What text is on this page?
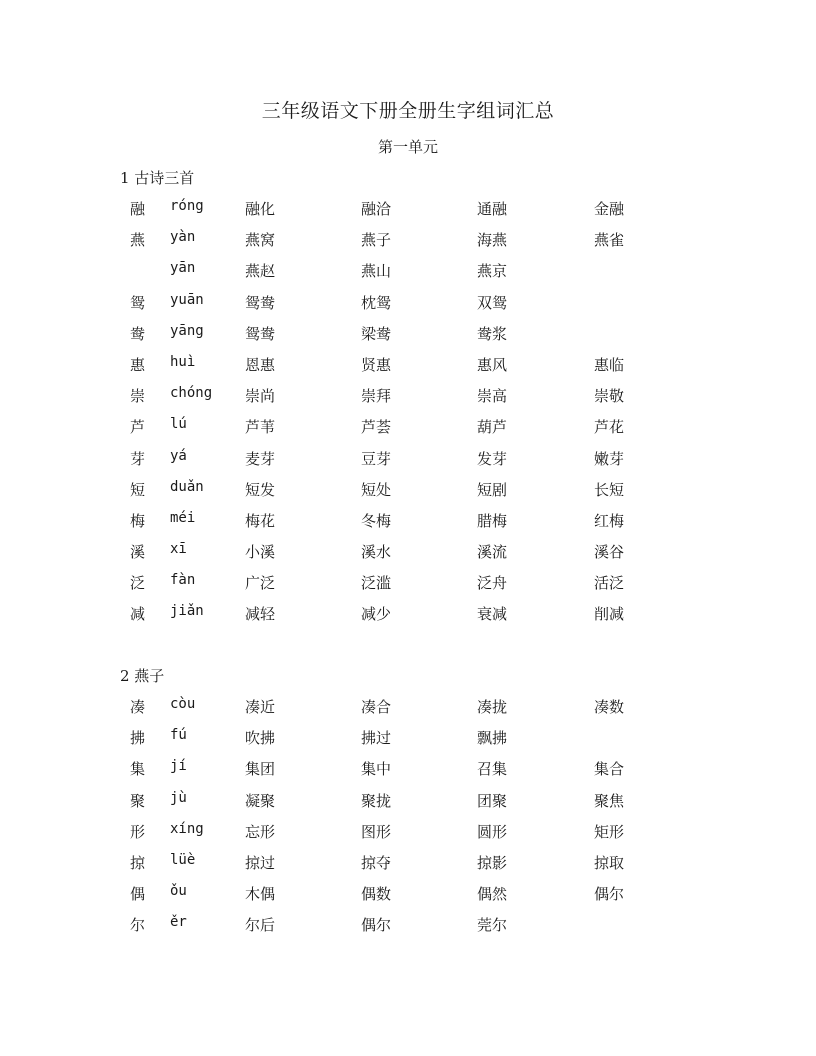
三年级语文下册全册生字组词汇总
第一单元
1 古诗三首
融 róng	融化	融洽	通融	金融
燕 yàn	燕窝	燕子	海燕	燕雀
yān	燕赵	燕山	燕京
鸳 yuān	鸳鸯	枕鸳	双鸳
鸯 yāng	鸳鸯	梁鸯	鸯浆
惠 huì	恩惠	贤惠	惠风	惠临
崇 chóng 崇尚	崇拜	崇高	崇敬
芦 lú	芦苇	芦荟	葫芦	芦花
芽 yá	麦芽	豆芽	发芽	嫩芽
短 duǎn	短发	短处	短剧	长短
梅 méi	梅花	冬梅	腊梅	红梅
溪 xī	小溪	溪水	溪流	溪谷
泛 fàn	广泛	泛滥	泛舟	活泛
减 jiǎn	减轻	减少	衰减	削减
2 燕子
凑 còu	凑近	凑合	凑拢	凑数
拂 fú	吹拂	拂过	飘拂
集 jí	集团	集中	召集	集合
聚 jù	凝聚	聚拢	团聚	聚焦
形 xíng	忘形	图形	圆形	矩形
掠 lüè	掠过	掠夺	掠影	掠取
偶 ǒu	木偶	偶数	偶然	偶尔
尔 ěr	尔后	偶尔	莞尔
